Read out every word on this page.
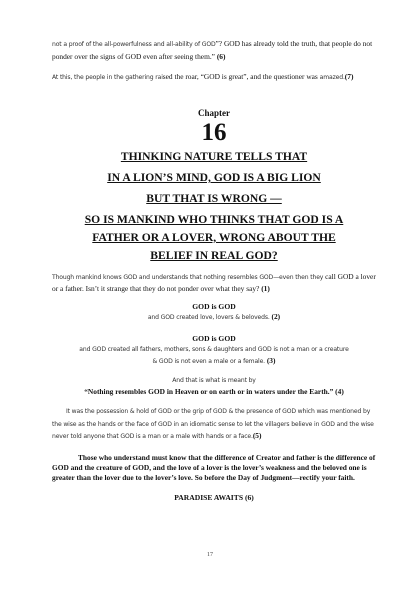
not a proof of the all-powerfulness and all-ability of GOD”? GOD has already told the truth, that people do not ponder over the signs of GOD even after seeing them.” (6)

At this, the people in the gathering raised the roar, “GOD is great”, and the questioner was amazed.(7)

Chapter
16
THINKING NATURE TELLS THAT
IN A LION’S MIND, GOD IS A BIG LION
BUT THAT IS WRONG —
SO IS MANKIND WHO THINKS THAT GOD IS A
FATHER OR A LOVER, WRONG ABOUT THE
BELIEF IN REAL GOD?

Though mankind knows GOD and understands that nothing resembles GOD—even then they call GOD a lover or a father. Isn’t it strange that they do not ponder over what they say? (1)

GOD is GOD

and GOD created love, lovers & beloveds. (2)

GOD is GOD

and GOD created all fathers, mothers, sons & daughters and GOD is not a man or a creature
& GOD is not even a male or a female. (3)

And that is what is meant by

“Nothing resembles GOD in Heaven or on earth or in waters under the Earth.” (4)

It was the possession & hold of GOD or the grip of GOD & the presence of GOD which was mentioned by the wise as the hands or the face of GOD in an idiomatic sense to let the villagers believe in GOD and the wise never told anyone that GOD is a man or a male with hands or a face.(5)

Those who understand must know that the difference of Creator and father is the difference of GOD and the creature of GOD, and the love of a lover is the lover’s weakness and the beloved one is greater than the lover due to the lover’s love. So before the Day of Judgment—rectify your faith.

PARADISE AWAITS (6)
17
